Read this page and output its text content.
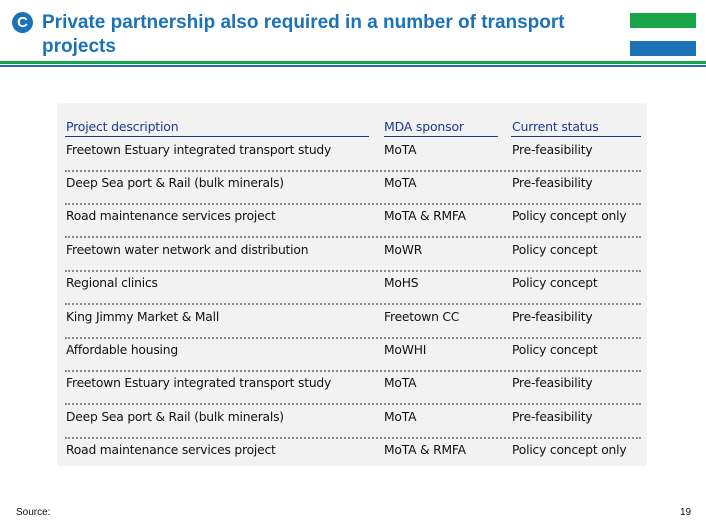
C Private partnership also required in a number of transport projects
Project description	MDA sponsor	Current status
Freetown Estuary integrated transport study	MoTA	Pre-feasibility
Deep Sea port & Rail (bulk minerals)	MoTA	Pre-feasibility
Road maintenance services project	MoTA & RMFA	Policy concept only
Freetown water network and distribution	MoWR	Policy concept
Regional clinics	MoHS	Policy concept
King Jimmy Market & Mall	Freetown CC	Pre-feasibility
Affordable housing	MoWHI	Policy concept
Freetown Estuary integrated transport study	MoTA	Pre-feasibility
Deep Sea port & Rail (bulk minerals)	MoTA	Pre-feasibility
Road maintenance services project	MoTA & RMFA	Policy concept only
Source:	19
